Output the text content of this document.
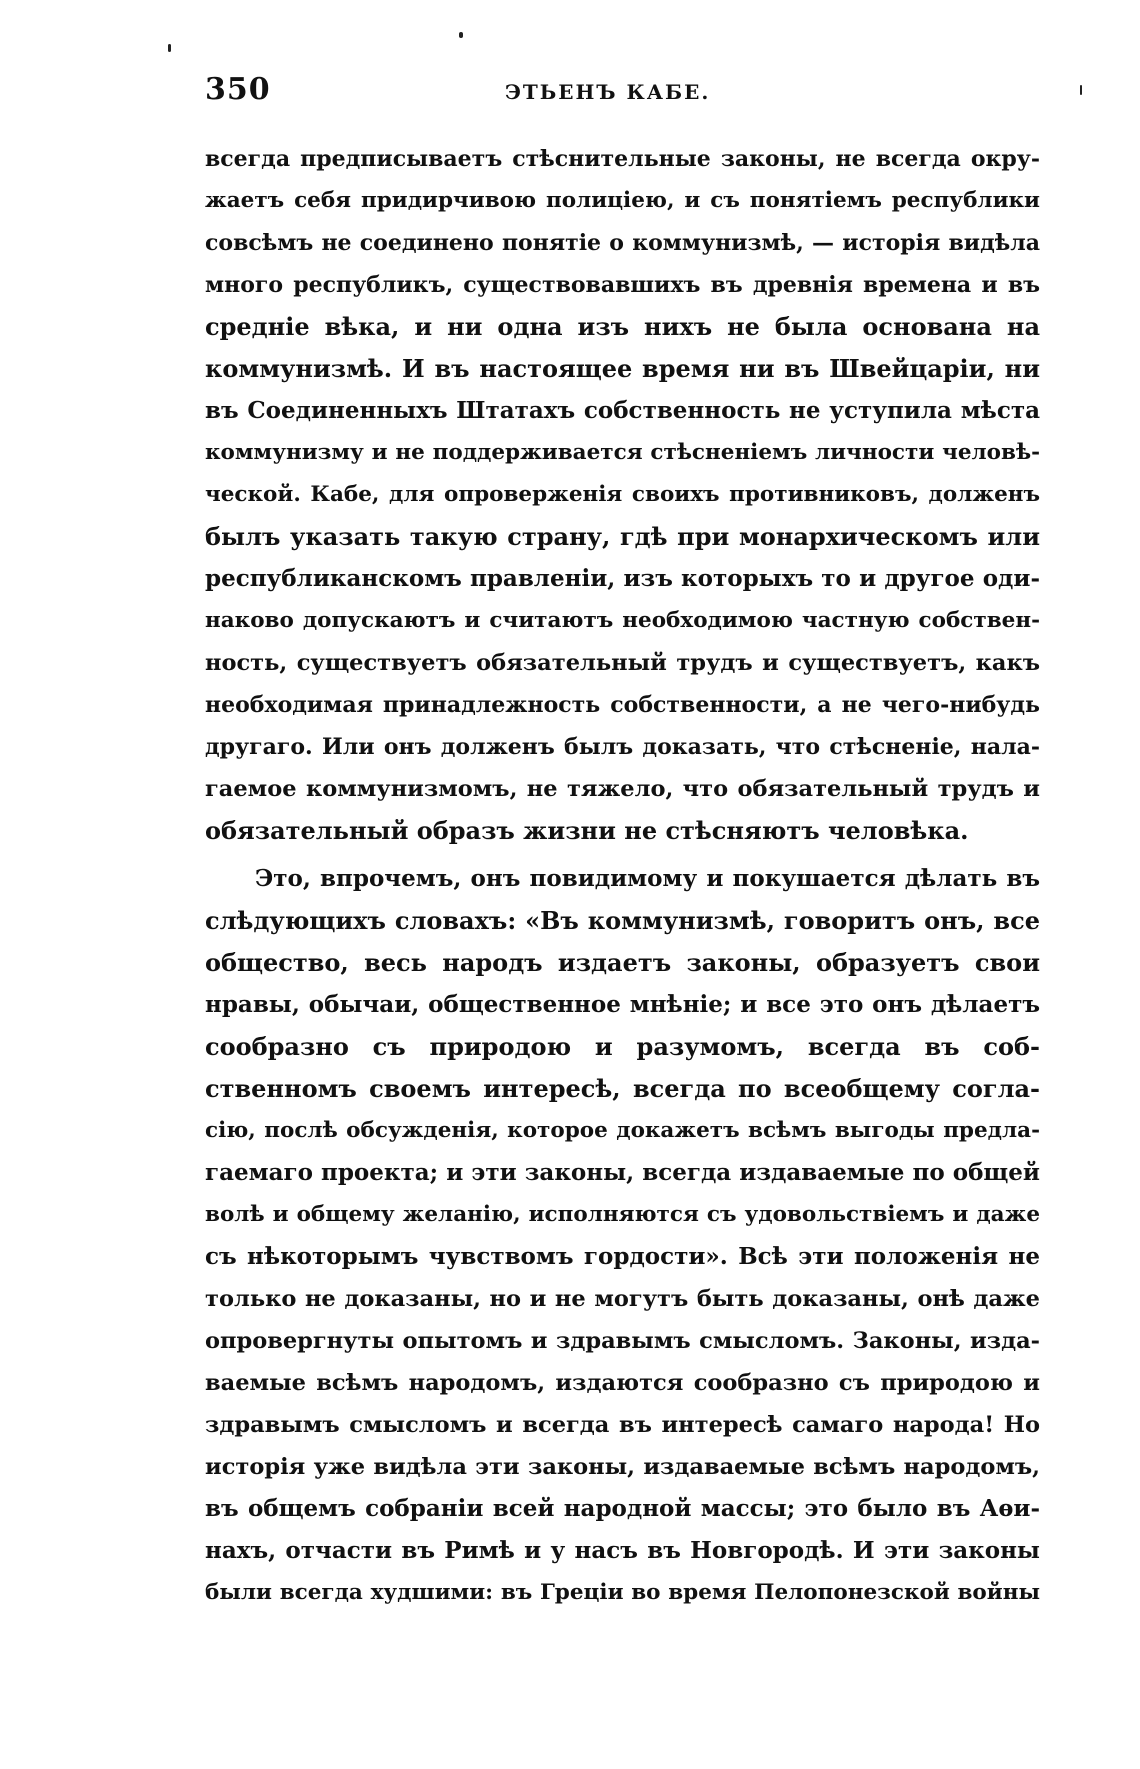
350	ЭТЬЕНЪ КАБЕ.
всегда предписываетъ стѣснительные законы, не всегда окру-
жаетъ себя придирчивою полиціею, и съ понятіемъ республики
совсѣмъ не соединено понятіе о коммунизмѣ, — исторія видѣла
много республикъ, существовавшихъ въ древнія времена и въ
средніе вѣка, и ни одна изъ нихъ не была основана на
коммунизмѣ. И въ настоящее время ни въ Швейцаріи, ни
въ Соединенныхъ Штатахъ собственность не уступила мѣста
коммунизму и не поддерживается стѣсненіемъ личности человѣ-
ческой. Кабе, для опроверженія своихъ противниковъ, долженъ
былъ указать такую страну, гдѣ при монархическомъ или
республиканскомъ правленіи, изъ которыхъ то и другое оди-
наково допускаютъ и считаютъ необходимою частную собствен-
ность, существуетъ обязательный трудъ и существуетъ, какъ
необходимая принадлежность собственности, а не чего-нибудь
другаго. Или онъ долженъ былъ доказать, что стѣсненіе, нала-
гаемое коммунизмомъ, не тяжело, что обязательный трудъ и
обязательный образъ жизни не стѣсняютъ человѣка.
Это, впрочемъ, онъ повидимому и покушается дѣлать въ
слѣдующихъ словахъ: «Въ коммунизмѣ, говоритъ онъ, все
общество, весь народъ издаетъ законы, образуетъ свои
нравы, обычаи, общественное мнѣніе; и все это онъ дѣлаетъ
сообразно съ природою и разумомъ, всегда въ соб-
ственномъ своемъ интересѣ, всегда по всеобщему согла-
сію, послѣ обсужденія, которое докажетъ всѣмъ выгоды предла-
гаемаго проекта; и эти законы, всегда издаваемые по общей
волѣ и общему желанію, исполняются съ удовольствіемъ и даже
съ нѣкоторымъ чувствомъ гордости». Всѣ эти положенія не
только не доказаны, но и не могутъ быть доказаны, онѣ даже
опровергнуты опытомъ и здравымъ смысломъ. Законы, изда-
ваемые всѣмъ народомъ, издаются сообразно съ природою и
здравымъ смысломъ и всегда въ интересѣ самаго народа! Но
исторія уже видѣла эти законы, издаваемые всѣмъ народомъ,
въ общемъ собраніи всей народной массы; это было въ Аѳи-
нахъ, отчасти въ Римѣ и у насъ въ Новгородѣ. И эти законы
были всегда худшими: въ Греціи во время Пелопонезской войны
